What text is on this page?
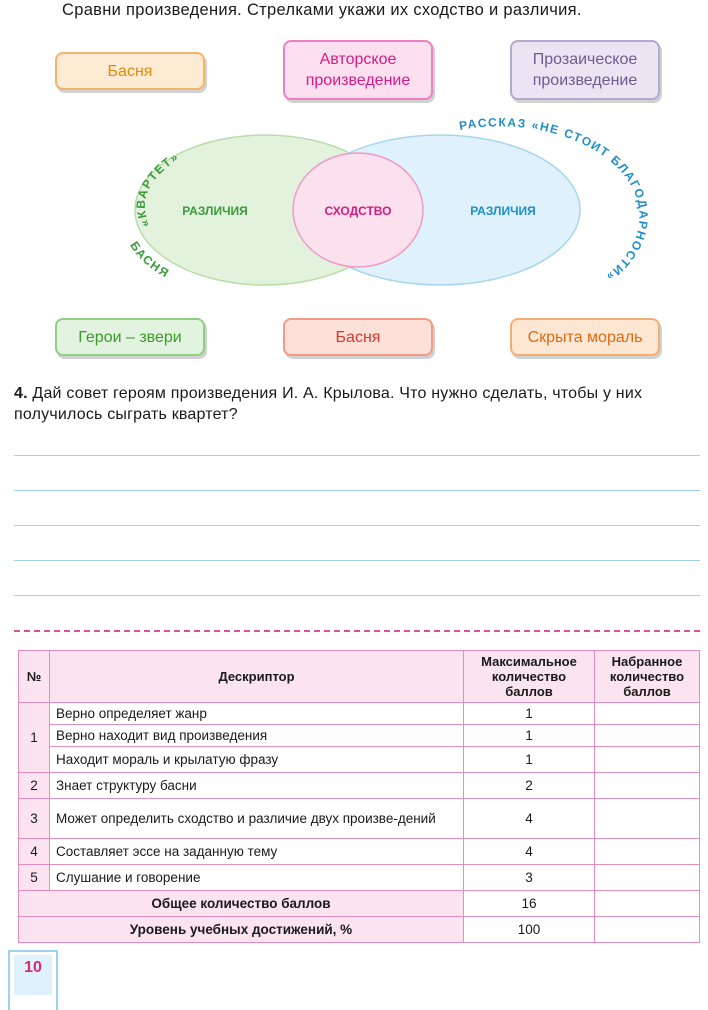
Сравни произведения. Стрелками укажи их сходство и различия.
Басня
Авторское произведение
Прозаическое произведение
РАЗЛИЧИЯ	СХОДСТВО	РАЗЛИЧИЯ
«КВАРТЕТ»
БАСНЯ
РАССКАЗ «НЕ СТОИТ БЛАГОДАРНОСТИ»
Герои – звери	Басня	Скрыта мораль
4. Дай совет героям произведения И. А. Крылова. Что нужно сделать, чтобы у них получилось сыграть квартет?
№	Дескриптор	Максимальное количество баллов	Набранное количество баллов
1	Верно определяет жанр	1	
	Верно находит вид произведения	1	
	Находит мораль и крылатую фразу	1	
2	Знает структуру басни	2	
3	Может определить сходство и различие двух произве-дений	4	
4	Составляет эссе на заданную тему	4	
5	Слушание и говорение	3	
Общее количество баллов		16	
Уровень учебных достижений, %		100	
10
